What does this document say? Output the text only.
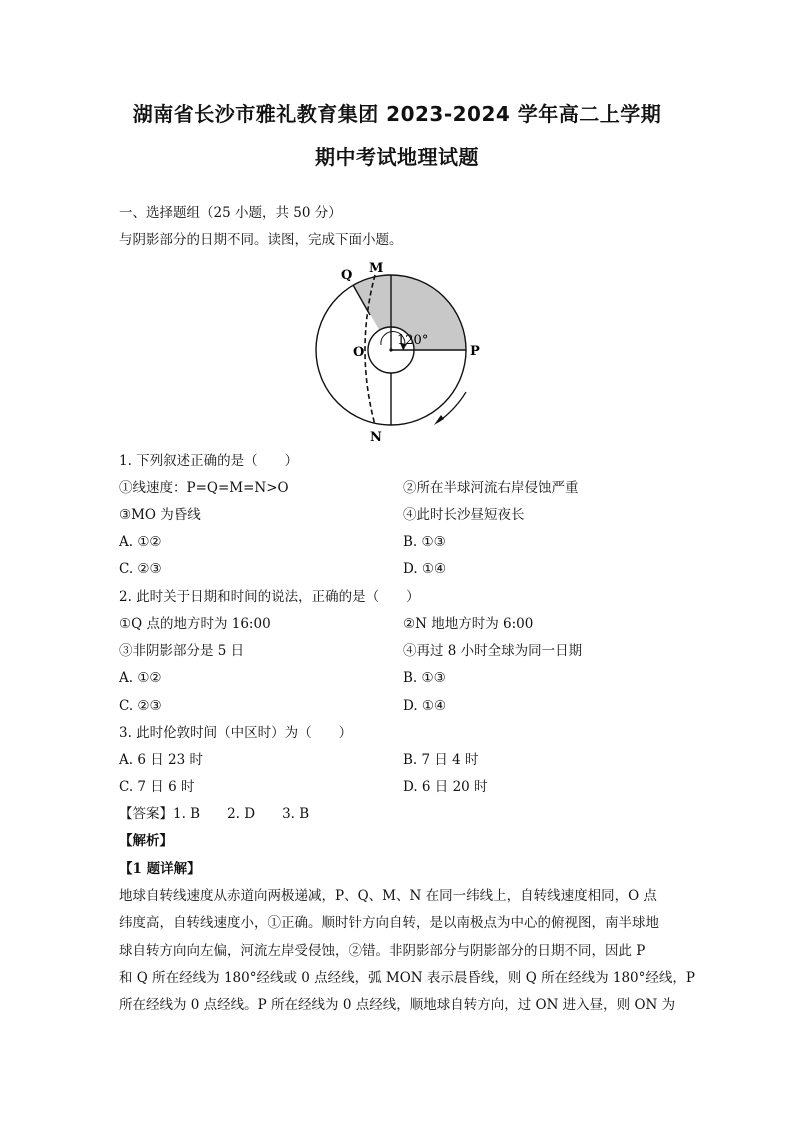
湖南省长沙市雅礼教育集团 2023-2024 学年高二上学期
期中考试地理试题
一、选择题组（25 小题，共 50 分）
与阴影部分的日期不同。读图，完成下面小题。
Q M
O	P
N
120°
1. 下列叙述正确的是（　　）
①线速度：P=Q=M=N>O	②所在半球河流右岸侵蚀严重
③MO 为昏线	④此时长沙昼短夜长
A. ①②	B. ①③
C. ②③	D. ①④
2. 此时关于日期和时间的说法，正确的是（　　）
①Q 点的地方时为 16:00	②N 地地方时为 6:00
③非阴影部分是 5 日	④再过 8 小时全球为同一日期
A. ①②	B. ①③
C. ②③	D. ①④
3. 此时伦敦时间（中区时）为（　　）
A. 6 日 23 时	B. 7 日 4 时
C. 7 日 6 时	D. 6 日 20 时
【答案】1. B　　2. D　　3. B
【解析】
【1 题详解】
地球自转线速度从赤道向两极递减，P、Q、M、N 在同一纬线上，自转线速度相同，O 点
纬度高，自转线速度小，①正确。顺时针方向自转，是以南极点为中心的俯视图，南半球地
球自转方向向左偏，河流左岸受侵蚀，②错。非阴影部分与阴影部分的日期不同，因此 P
和 Q 所在经线为 180°经线或 0 点经线，弧 MON 表示晨昏线，则 Q 所在经线为 180°经线，P
所在经线为 0 点经线。P 所在经线为 0 点经线，顺地球自转方向，过 ON 进入昼，则 ON 为
